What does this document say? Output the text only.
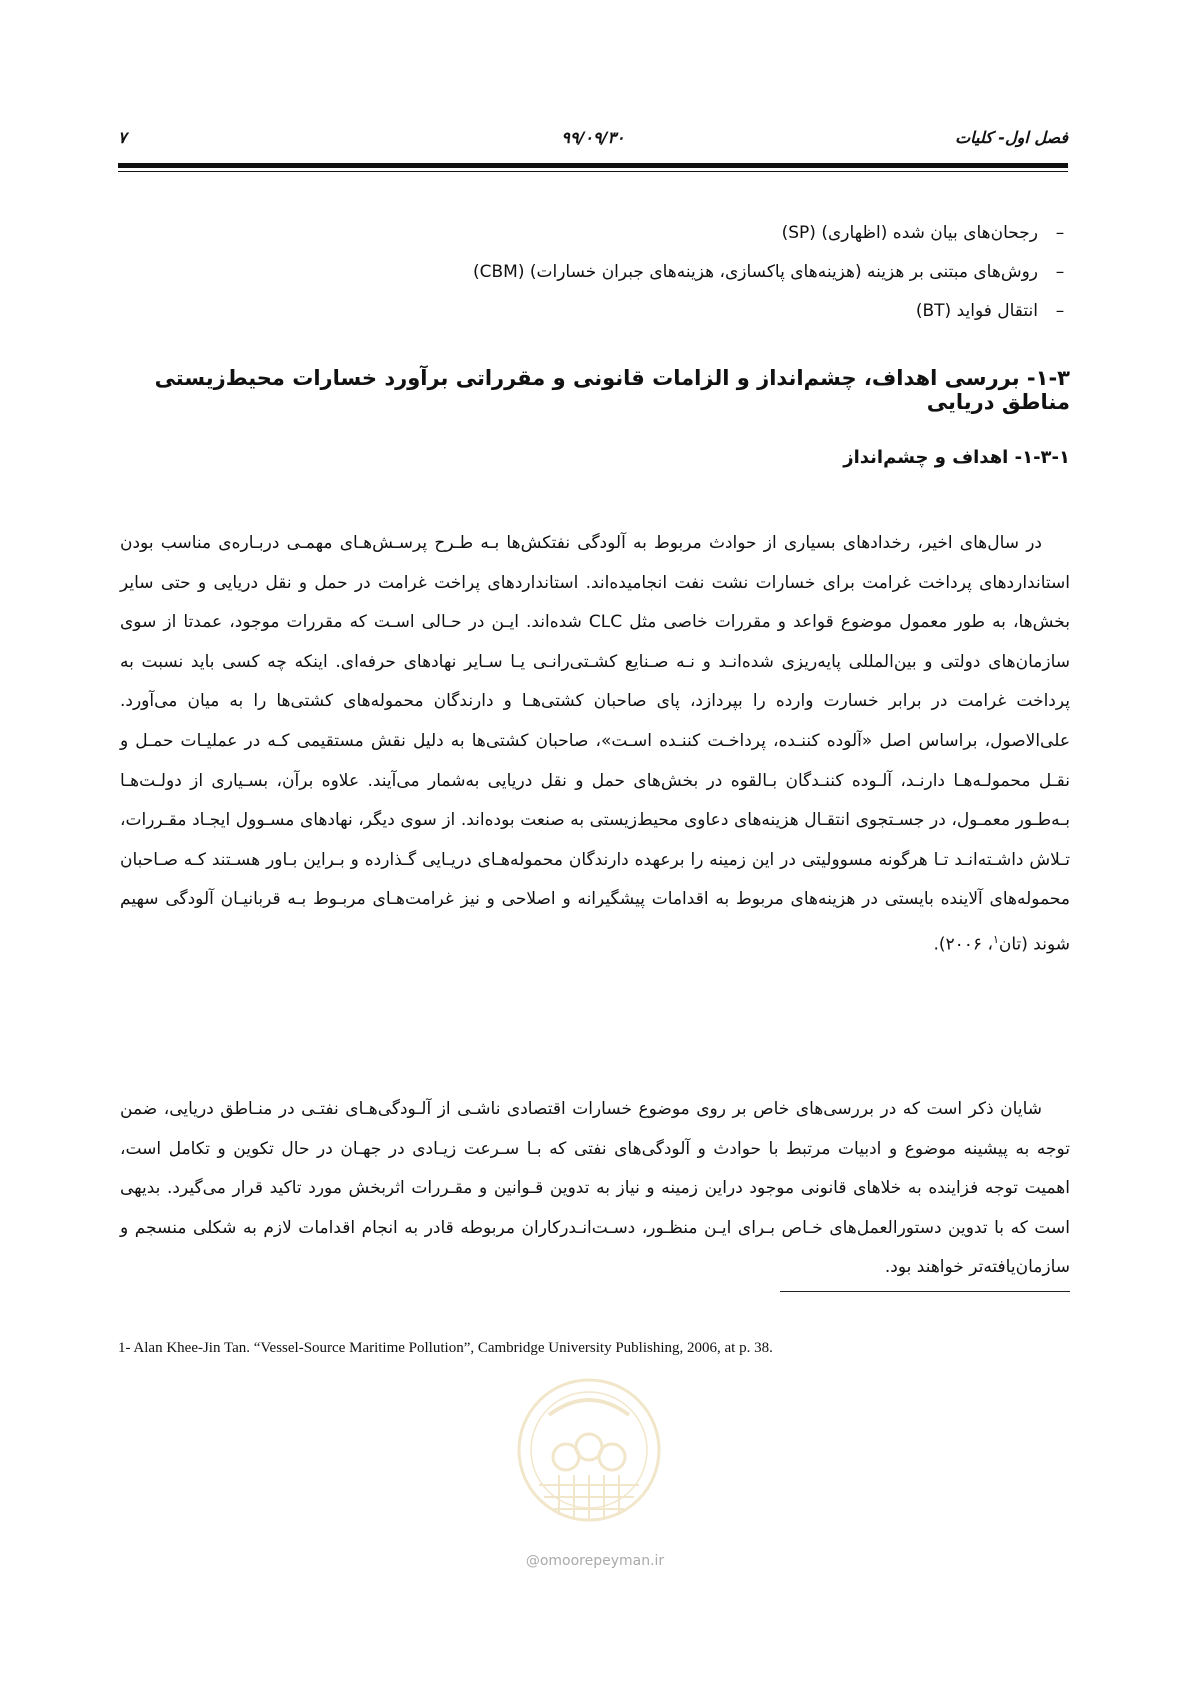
فصل اول- کلیات
۹۹/۰۹/۳۰
۷
–
رجحان‌های بیان شده (اظهاری) (SP)
–
روش‌های مبتنی بر هزینه (هزینه‌های پاکسازی، هزینه‌های جبران خسارات) (CBM)
–
انتقال فواید (BT)
۱-۳- بررسی اهداف، چشم‌انداز و الزامات قانونی و مقرراتی برآورد خسارات محیط‌زیستی مناطق دریایی
۱-۳-۱- اهداف و چشم‌انداز

در سال‌های اخیر، رخدادهای بسیاری از حوادث مربوط به آلودگی نفتکش‌ها بـه طـرح پرسـش‌هـای مهمـی دربـاره‌ی مناسب بودن استانداردهای پرداخت غرامت برای خسارات نشت نفت انجامیده‌اند. استانداردهای پراخت غرامت در حمل و نقل دریایی و حتی سایر بخش‌ها، به طور معمول موضوع قواعد و مقررات خاصی مثل CLC شده‌اند. ایـن در حـالی اسـت که مقررات موجود، عمدتا از سوی سازمان‌های دولتی و بین‌المللی پایه‌ریزی شده‌انـد و نـه صـنایع کشـتی‌رانـی یـا سـایر نهادهای حرفه‌ای. اینکه چه کسی باید نسبت به پرداخت غرامت در برابر خسارت وارده را بپردازد، پای صاحبان کشتی‌هـا و دارندگان محموله‌های کشتی‌ها را به میان می‌آورد. علی‌الاصول، براساس اصل «آلوده کننـده، پرداخـت کننـده اسـت»، صاحبان کشتی‌ها به دلیل نقش مستقیمی کـه در عملیـات حمـل و نقـل محمولـه‌هـا دارنـد، آلـوده کننـدگان بـالقوه در بخش‌های حمل و نقل دریایی به‌شمار می‌آیند. علاوه برآن، بسـیاری از دولـت‌هـا بـه‌طـور معمـول، در جسـتجوی انتقـال هزینه‌های دعاوی محیط‌زیستی به صنعت بوده‌اند. از سوی دیگر، نهادهای مسـوول ایجـاد مقـررات، تـلاش داشـته‌انـد تـا هرگونه مسوولیتی در این زمینه را برعهده دارندگان محموله‌هـای دریـایی گـذارده و بـراین بـاور هسـتند کـه صـاحبان محموله‌های آلاینده بایستی در هزینه‌های مربوط به اقدامات پیشگیرانه و اصلاحی و نیز غرامت‌هـای مربـوط بـه قربانیـان آلودگی سهیم شوند (تان$^۱$، ۲۰۰۶).

شایان ذکر است که در بررسی‌های خاص بر روی موضوع خسارات اقتصادی ناشـی از آلـودگی‌هـای نفتـی در منـاطق دریایی، ضمن توجه به پیشینه موضوع و ادبیات مرتبط با حوادث و آلودگی‌های نفتی که بـا سـرعت زیـادی در جهـان در حال تکوین و تکامل است، اهمیت توجه فزاینده به خلاهای قانونی موجود دراین زمینه و نیاز به تدوین قـوانین و مقـررات اثربخش مورد تاکید قرار می‌گیرد. بدیهی است که با تدوین دستورالعمل‌های خـاص بـرای ایـن منظـور، دسـت‌انـدرکاران مربوطه قادر به انجام اقدامات لازم به شکلی منسجم و سازمان‌یافته‌تر خواهند بود.

1- Alan Khee-Jin Tan. “Vessel-Source Maritime Pollution”, Cambridge University Publishing, 2006, at p. 38.
@omoorepeyman.ir
